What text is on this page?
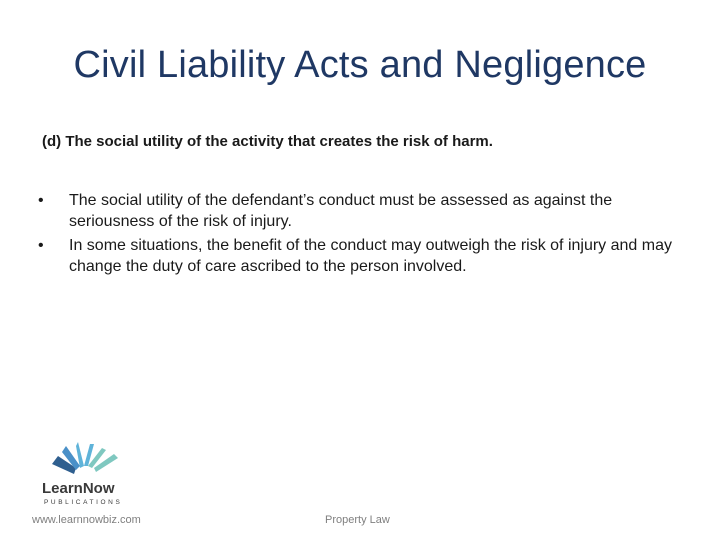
Civil Liability Acts and Negligence
(d) The social utility of the activity that creates the risk of harm.
•	The social utility of the defendant’s conduct must be assessed as against the seriousness of the risk of injury.
•	In some situations, the benefit of the conduct may outweigh the risk of injury and may change the duty of care ascribed to the person involved.
LearnNow
PUBLICATIONS
www.learnnowbiz.com	Property Law
